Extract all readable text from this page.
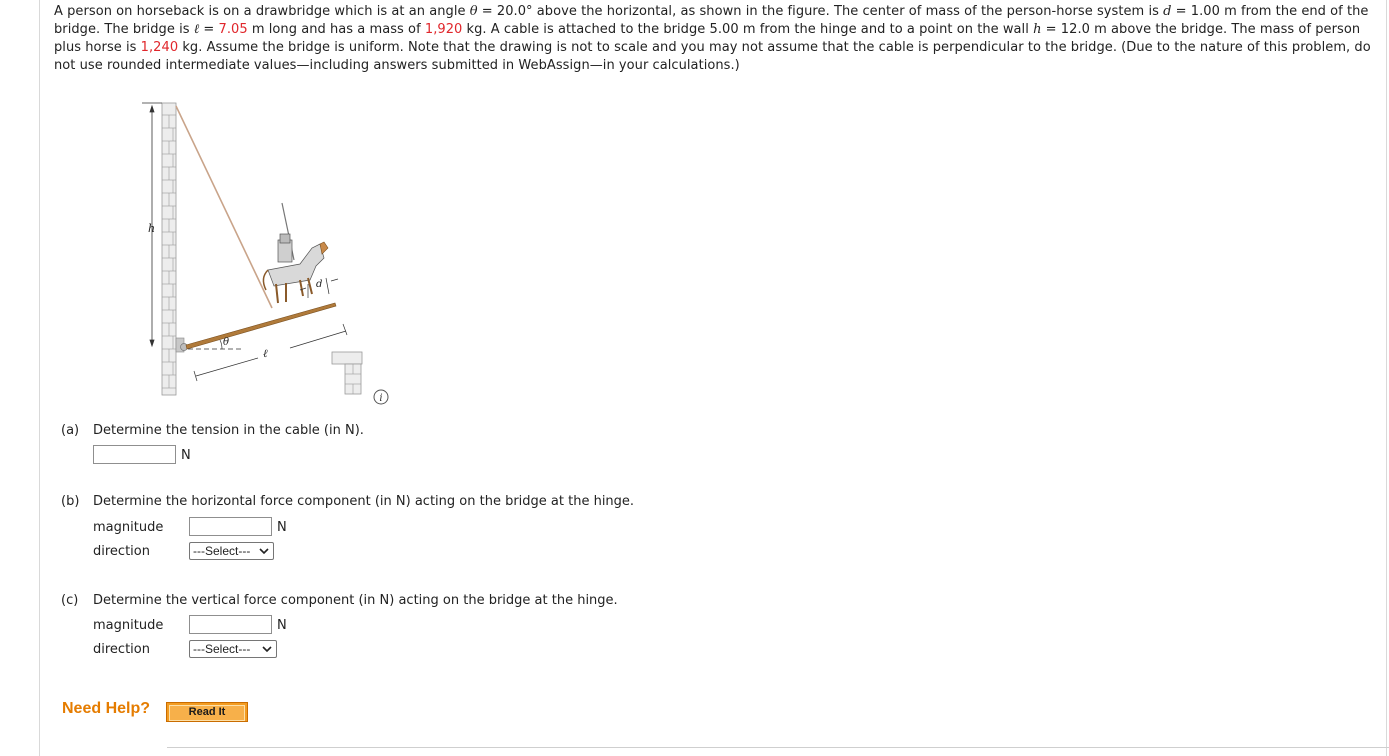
A person on horseback is on a drawbridge which is at an angle θ = 20.0° above the horizontal, as shown in the figure. The center of mass of the person-horse system is d = 1.00 m from the end of the bridge. The bridge is ℓ = 7.05 m long and has a mass of 1,920 kg. A cable is attached to the bridge 5.00 m from the hinge and to a point on the wall h = 12.0 m above the bridge. The mass of person plus horse is 1,240 kg. Assume the bridge is uniform. Note that the drawing is not to scale and you may not assume that the cable is perpendicular to the bridge. (Due to the nature of this problem, do not use rounded intermediate values—including answers submitted in WebAssign—in your calculations.)
h
θ
ℓ
d
i
(a) Determine the tension in the cable (in N).
N
(b) Determine the horizontal force component (in N) acting on the bridge at the hinge.
magnitude	N
direction	---Select---
(c) Determine the vertical force component (in N) acting on the bridge at the hinge.
magnitude	N
direction	---Select---
Need Help?	Read It
